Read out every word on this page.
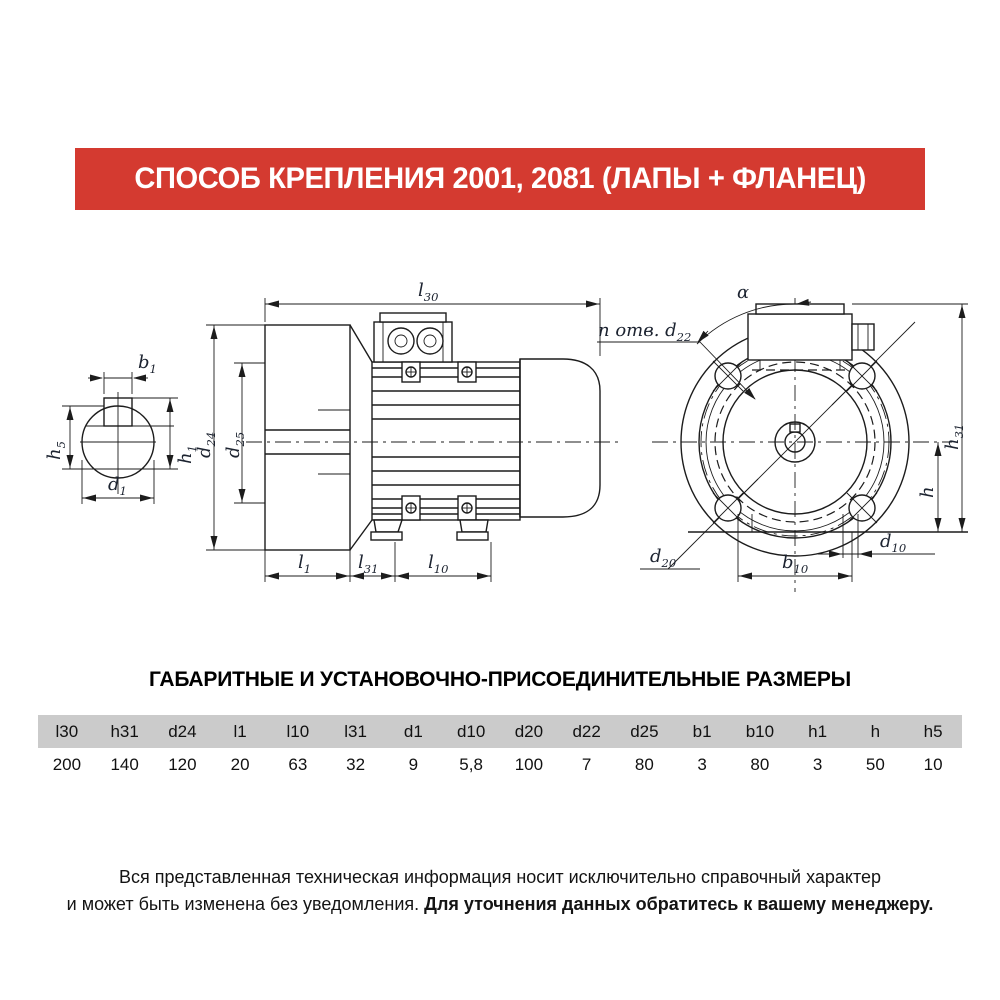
СПОСОБ КРЕПЛЕНИЯ 2001, 2081 (ЛАПЫ + ФЛАНЕЦ)
$b_1$
$h_5$
$h_1$
$d_1$
$l_{30}$
$d_{24}$
$d_{25}$
$l_1$	$l_{31}$	$l_{10}$
α
n отв. $d_{22}$
$d_{20}$	$b_{10}$
$d_{10}$
h
$h_{31}$
ГАБАРИТНЫЕ И УСТАНОВОЧНО-ПРИСОЕДИНИТЕЛЬНЫЕ РАЗМЕРЫ
l30	h31	d24	l1	l10	l31	d1	d10	d20	d22	d25	b1	b10	h1	h	h5
200	140	120	20	63	32	9	5,8	100	7	80	3	80	3	50	10

Вся представленная техническая информация носит исключительно справочный характер
и может быть изменена без уведомления. Для уточнения данных обратитесь к вашему менеджеру.
